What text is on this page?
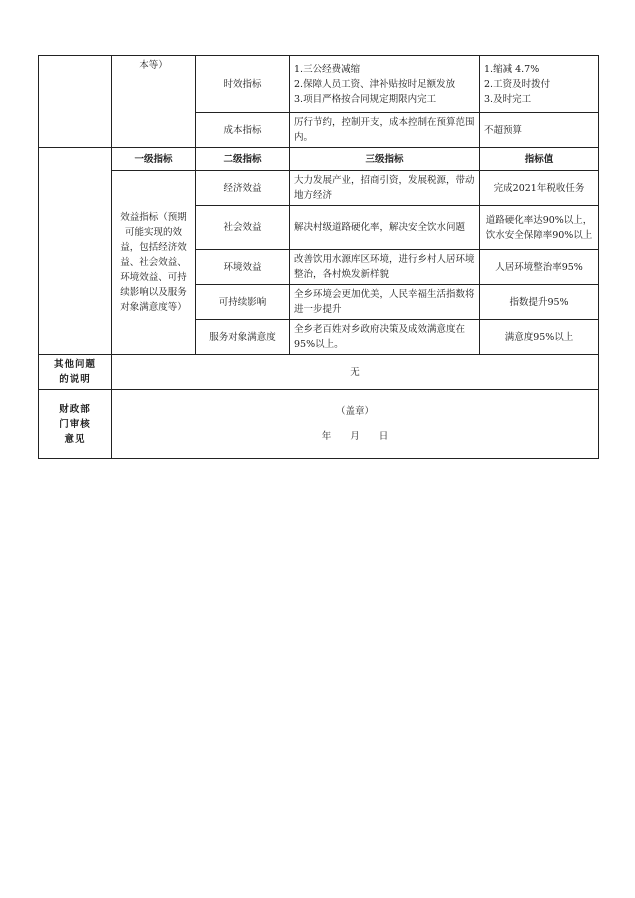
	本等）	时效指标	1.三公经费减缩
2.保障人员工资、津补贴按时足额发放
3.项目严格按合同规定期限内完工	1.缩减 4.7%
2.工资及时拨付
3.及时完工

		成本指标	厉行节约，控制开支，成本控制在预算范围内。	不超预算
	一级指标	二级指标	三级指标	指标值
	效益指标（预期可能实现的效益，包括经济效益、社会效益、环境效益、可持续影响以及服务对象满意度等）	经济效益	大力发展产业，招商引资，发展税源，带动地方经济	完成2021年税收任务
		社会效益	解决村级道路硬化率，解决安全饮水问题	道路硬化率达90%以上，饮水安全保障率90%以上
		环境效益	改善饮用水源库区环境，进行乡村人居环境整治，各村焕发新样貌	人居环境整治率95%
		可持续影响	全乡环境会更加优美，人民幸福生活指数将进一步提升	指数提升95%
		服务对象满意度	全乡老百姓对乡政府决策及成效满意度在95%以上。	满意度95%以上
其他问题的说明	无			
财政部门审核意见	（盖章）
年　　月　　日			
